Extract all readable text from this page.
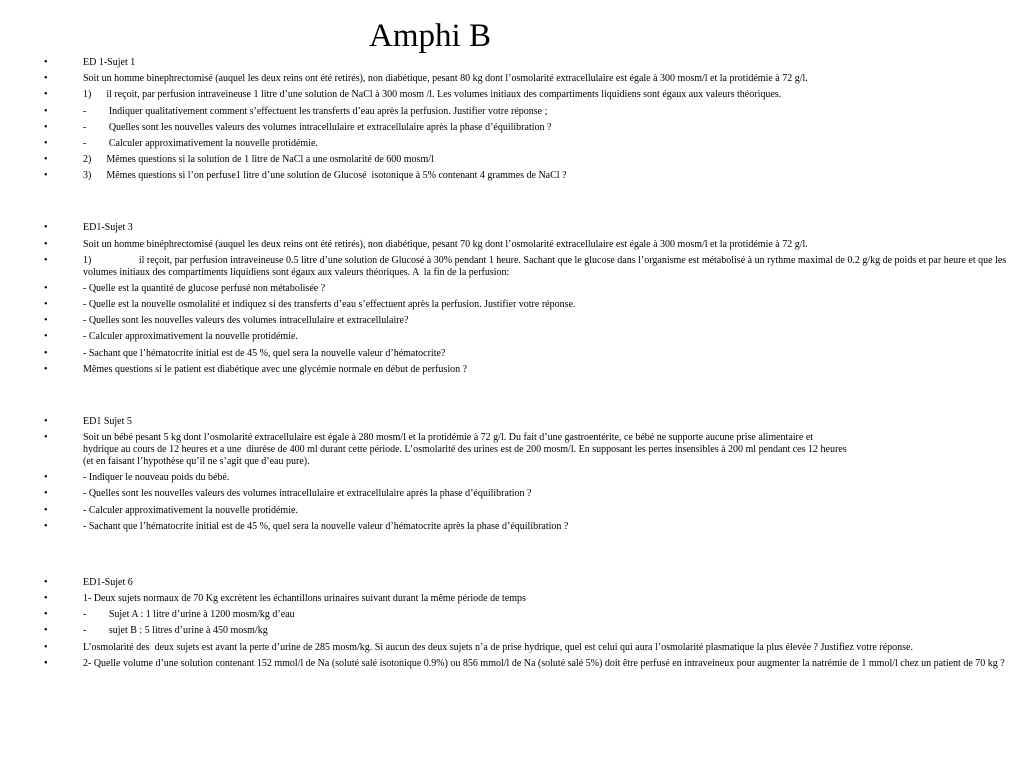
Amphi B
• ED 1-Sujet 1
• Soit un homme binephrectomisé (auquel les deux reins ont été retirés), non diabétique, pesant 80 kg dont l’osmolarité extracellulaire est égale à 300 mosm/l et la protidémie à 72 g/l.
• 1)      il reçoit, par perfusion intraveineuse 1 litre d’une solution de NaCl à 300 mosm /l. Les volumes initiaux des compartiments liquidiens sont égaux aux valeurs théoriques.
• -         Indiquer qualitativement comment s’effectuent les transferts d’eau après la perfusion. Justifier votre réponse ;
• -         Quelles sont les nouvelles valeurs des volumes intracellulaire et extracellulaire après la phase d’équilibration ?
• -         Calculer approximativement la nouvelle protidémie.
• 2)      Mêmes questions si la solution de 1 litre de NaCl a une osmolarité de 600 mosm/l
• 3)      Mêmes questions si l’on perfuse1 litre d’une solution de Glucosé  isotonique à 5% contenant 4 grammes de NaCl ?
• ED1-Sujet 3
• Soit un homme binéphrectomisé (auquel les deux reins ont été retirés), non diabétique, pesant 70 kg dont l’osmolarité extracellulaire est égale à 300 mosm/l et la protidémie à 72 g/l.
• 1)                   il reçoit, par perfusion intraveineuse 0.5 litre d’une solution de Glucosé à 30% pendant 1 heure. Sachant que le glucose dans l’organisme est métabolisé à un rythme maximal de 0.2 g/kg de poids et par heure et que les volumes initiaux des compartiments liquidiens sont égaux aux valeurs théoriques. A  la fin de la perfusion:
• - Quelle est la quantité de glucose perfusé non métabolisée ?
• - Quelle est la nouvelle osmolalité et indiquez si des transferts d’eau s’effectuent après la perfusion. Justifier votre réponse.
• - Quelles sont les nouvelles valeurs des volumes intracellulaire et extracellulaire?
• - Calculer approximativement la nouvelle protidémie.
• - Sachant que l’hématocrite initial est de 45 %, quel sera la nouvelle valeur d’hématocrite?
• Mêmes questions si le patient est diabétique avec une glycémie normale en début de perfusion ?
• ED1 Sujet 5
• Soit un bébé pesant 5 kg dont l’osmolarité extracellulaire est égale à 280 mosm/l et la protidémie à 72 g/l. Du fait d’une gastroentérite, ce bébé ne supporte aucune prise alimentaire et
hydrique au cours de 12 heures et a une  diurèse de 400 ml durant cette période. L’osmolarité des urines est de 200 mosm/l. En supposant les pertes insensibles à 200 ml pendant ces 12 heures
(et en faisant l’hypothèse qu’il ne s’agit que d’eau pure).
• - Indiquer le nouveau poids du bébé.
• - Quelles sont les nouvelles valeurs des volumes intracellulaire et extracellulaire après la phase d’équilibration ?
• - Calculer approximativement la nouvelle protidémie.
• - Sachant que l’hématocrite initial est de 45 %, quel sera la nouvelle valeur d’hématocrite après la phase d’équilibration ?
• ED1-Sujet 6
• 1- Deux sujets normaux de 70 Kg excrètent les échantillons urinaires suivant durant la même période de temps
• -         Sujet A : 1 litre d’urine à 1200 mosm/kg d’eau
• -         sujet B : 5 litres d’urine à 450 mosm/kg
• L’osmolarité des  deux sujets est avant la perte d’urine de 285 mosm/kg. Si aucun des deux sujets n’a de prise hydrique, quel est celui qui aura l’osmolarité plasmatique la plus élevée ? Justifiez votre réponse.
• 2- Quelle volume d’une solution contenant 152 mmol/l de Na (soluté salé isotonique 0.9%) ou 856 mmol/l de Na (soluté salé 5%) doit être perfusé en intraveineux pour augmenter la natrémie de 1 mmol/l chez un patient de 70 kg ?
